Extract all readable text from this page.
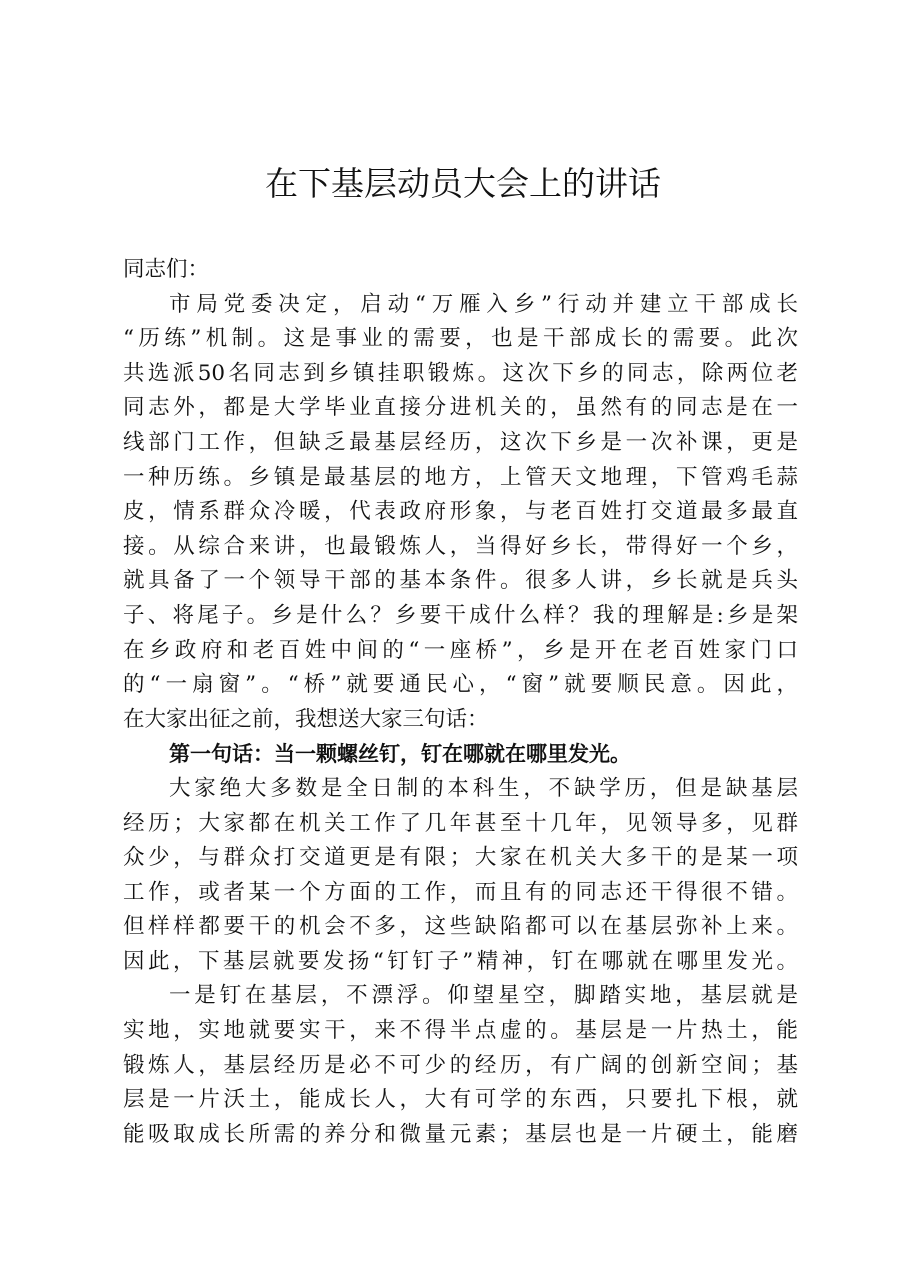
在下基层动员大会上的讲话
同志们：
市局党委决定，启动“万雁入乡”行动并建立干部成长
“历练”机制。这是事业的需要，也是干部成长的需要。此次
共选派50名同志到乡镇挂职锻炼。这次下乡的同志，除两位老
同志外，都是大学毕业直接分进机关的，虽然有的同志是在一
线部门工作，但缺乏最基层经历，这次下乡是一次补课，更是
一种历练。乡镇是最基层的地方，上管天文地理，下管鸡毛蒜
皮，情系群众冷暖，代表政府形象，与老百姓打交道最多最直
接。从综合来讲，也最锻炼人，当得好乡长，带得好一个乡，
就具备了一个领导干部的基本条件。很多人讲，乡长就是兵头
子、将尾子。乡是什么？乡要干成什么样？我的理解是:乡是架
在乡政府和老百姓中间的“一座桥”，乡是开在老百姓家门口
的“一扇窗”。“桥”就要通民心，“窗”就要顺民意。因此，
在大家出征之前，我想送大家三句话：
第一句话：当一颗螺丝钉，钉在哪就在哪里发光。
大家绝大多数是全日制的本科生，不缺学历，但是缺基层
经历；大家都在机关工作了几年甚至十几年，见领导多，见群
众少，与群众打交道更是有限；大家在机关大多干的是某一项
工作，或者某一个方面的工作，而且有的同志还干得很不错。
但样样都要干的机会不多，这些缺陷都可以在基层弥补上来。
因此，下基层就要发扬“钉钉子”精神，钉在哪就在哪里发光。
一是钉在基层，不漂浮。仰望星空，脚踏实地，基层就是
实地，实地就要实干，来不得半点虚的。基层是一片热土，能
锻炼人，基层经历是必不可少的经历，有广阔的创新空间；基
层是一片沃土，能成长人，大有可学的东西，只要扎下根，就
能吸取成长所需的养分和微量元素；基层也是一片硬土，能磨
